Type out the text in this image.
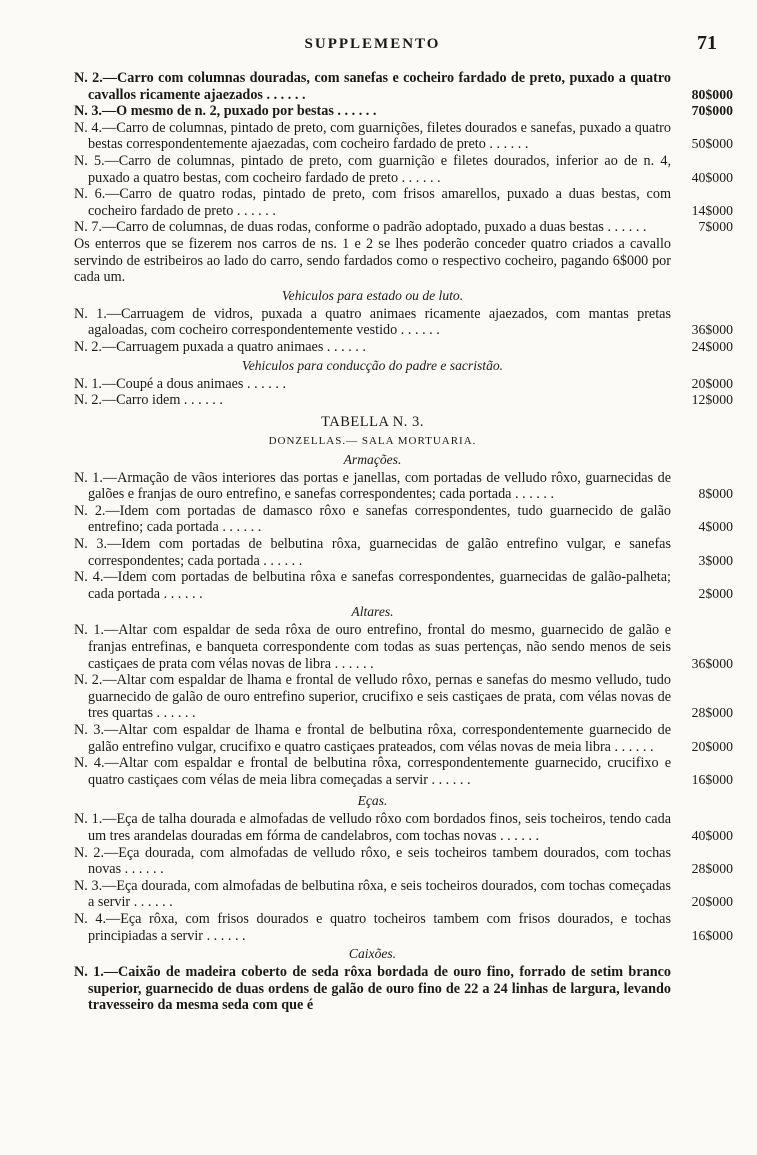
SUPPLEMENTO	71
N. 2.—Carro com columnas douradas, com sanefas e cocheiro fardado de preto, puxado a quatro cavallos ricamente ajaezados . . . . . .	80$000
N. 3.—O mesmo de n. 2, puxado por bestas . . . . . .	70$000
N. 4.—Carro de columnas, pintado de preto, com guarnições, filetes dourados e sanefas, puxado a quatro bestas correspondentemente ajaezadas, com cocheiro fardado de preto . . . . . .	50$000
N. 5.—Carro de columnas, pintado de preto, com guarnição e filetes dourados, inferior ao de n. 4, puxado a quatro bestas, com cocheiro fardado de preto . . . . . .	40$000
N. 6.—Carro de quatro rodas, pintado de preto, com frisos amarellos, puxado a duas bestas, com cocheiro fardado de preto . . . . . .	14$000
N. 7.—Carro de columnas, de duas rodas, conforme o padrão adoptado, puxado a duas bestas . . . . . .	7$000

Os enterros que se fizerem nos carros de ns. 1 e 2 se lhes poderão conceder quatro criados a cavallo servindo de estribeiros ao lado do carro, sendo fardados como o respectivo cocheiro, pagando 6$000 por cada um.

Vehiculos para estado ou de luto.
N. 1.—Carruagem de vidros, puxada a quatro animaes ricamente ajaezados, com mantas pretas agaloadas, com cocheiro correspondentemente vestido . . . . . .	36$000
N. 2.—Carruagem puxada a quatro animaes . . . . . .	24$000
Vehiculos para conducção do padre e sacristão.
N. 1.—Coupé a dous animaes . . . . . .	20$000
N. 2.—Carro idem . . . . . .	12$000
TABELLA N. 3.
DONZELLAS.— SALA MORTUARIA.
Armações.
N. 1.—Armação de vãos interiores das portas e janellas, com portadas de velludo rôxo, guarnecidas de galões e franjas de ouro entrefino, e sanefas correspondentes; cada portada . . . . . .	8$000
N. 2.—Idem com portadas de damasco rôxo e sanefas correspondentes, tudo guarnecido de galão entrefino; cada portada . . . . . .	4$000
N. 3.—Idem com portadas de belbutina rôxa, guarnecidas de galão entrefino vulgar, e sanefas correspondentes; cada portada . . . . . .	3$000
N. 4.—Idem com portadas de belbutina rôxa e sanefas correspondentes, guarnecidas de galão-palheta; cada portada . . . . . .	2$000
Altares.
N. 1.—Altar com espaldar de seda rôxa de ouro entrefino, frontal do mesmo, guarnecido de galão e franjas entrefinas, e banqueta correspondente com todas as suas pertenças, não sendo menos de seis castiçaes de prata com vélas novas de libra . . . . . .	36$000
N. 2.—Altar com espaldar de lhama e frontal de velludo rôxo, pernas e sanefas do mesmo velludo, tudo guarnecido de galão de ouro entrefino superior, crucifixo e seis castiçaes de prata, com vélas novas de tres quartas . . . . . .	28$000
N. 3.—Altar com espaldar de lhama e frontal de belbutina rôxa, correspondentemente guarnecido de galão entrefino vulgar, crucifixo e quatro castiçaes prateados, com vélas novas de meia libra . . . . . .	20$000
N. 4.—Altar com espaldar e frontal de belbutina rôxa, correspondentemente guarnecido, crucifixo e quatro castiçaes com vélas de meia libra começadas a servir . . . . . .	16$000
Eças.
N. 1.—Eça de talha dourada e almofadas de velludo rôxo com bordados finos, seis tocheiros, tendo cada um tres arandelas douradas em fórma de candelabros, com tochas novas . . . . . .	40$000
N. 2.—Eça dourada, com almofadas de velludo rôxo, e seis tocheiros tambem dourados, com tochas novas . . . . . .	28$000
N. 3.—Eça dourada, com almofadas de belbutina rôxa, e seis tocheiros dourados, com tochas começadas a servir . . . . . .	20$000
N. 4.—Eça rôxa, com frisos dourados e quatro tocheiros tambem com frisos dourados, e tochas principiadas a servir . . . . . .	16$000
Caixões.

N. 1.—Caixão de madeira coberto de seda rôxa bordada de ouro fino, forrado de setim branco superior, guarnecido de duas ordens de galão de ouro fino de 22 a 24 linhas de largura, levando travesseiro da mesma seda com que é
